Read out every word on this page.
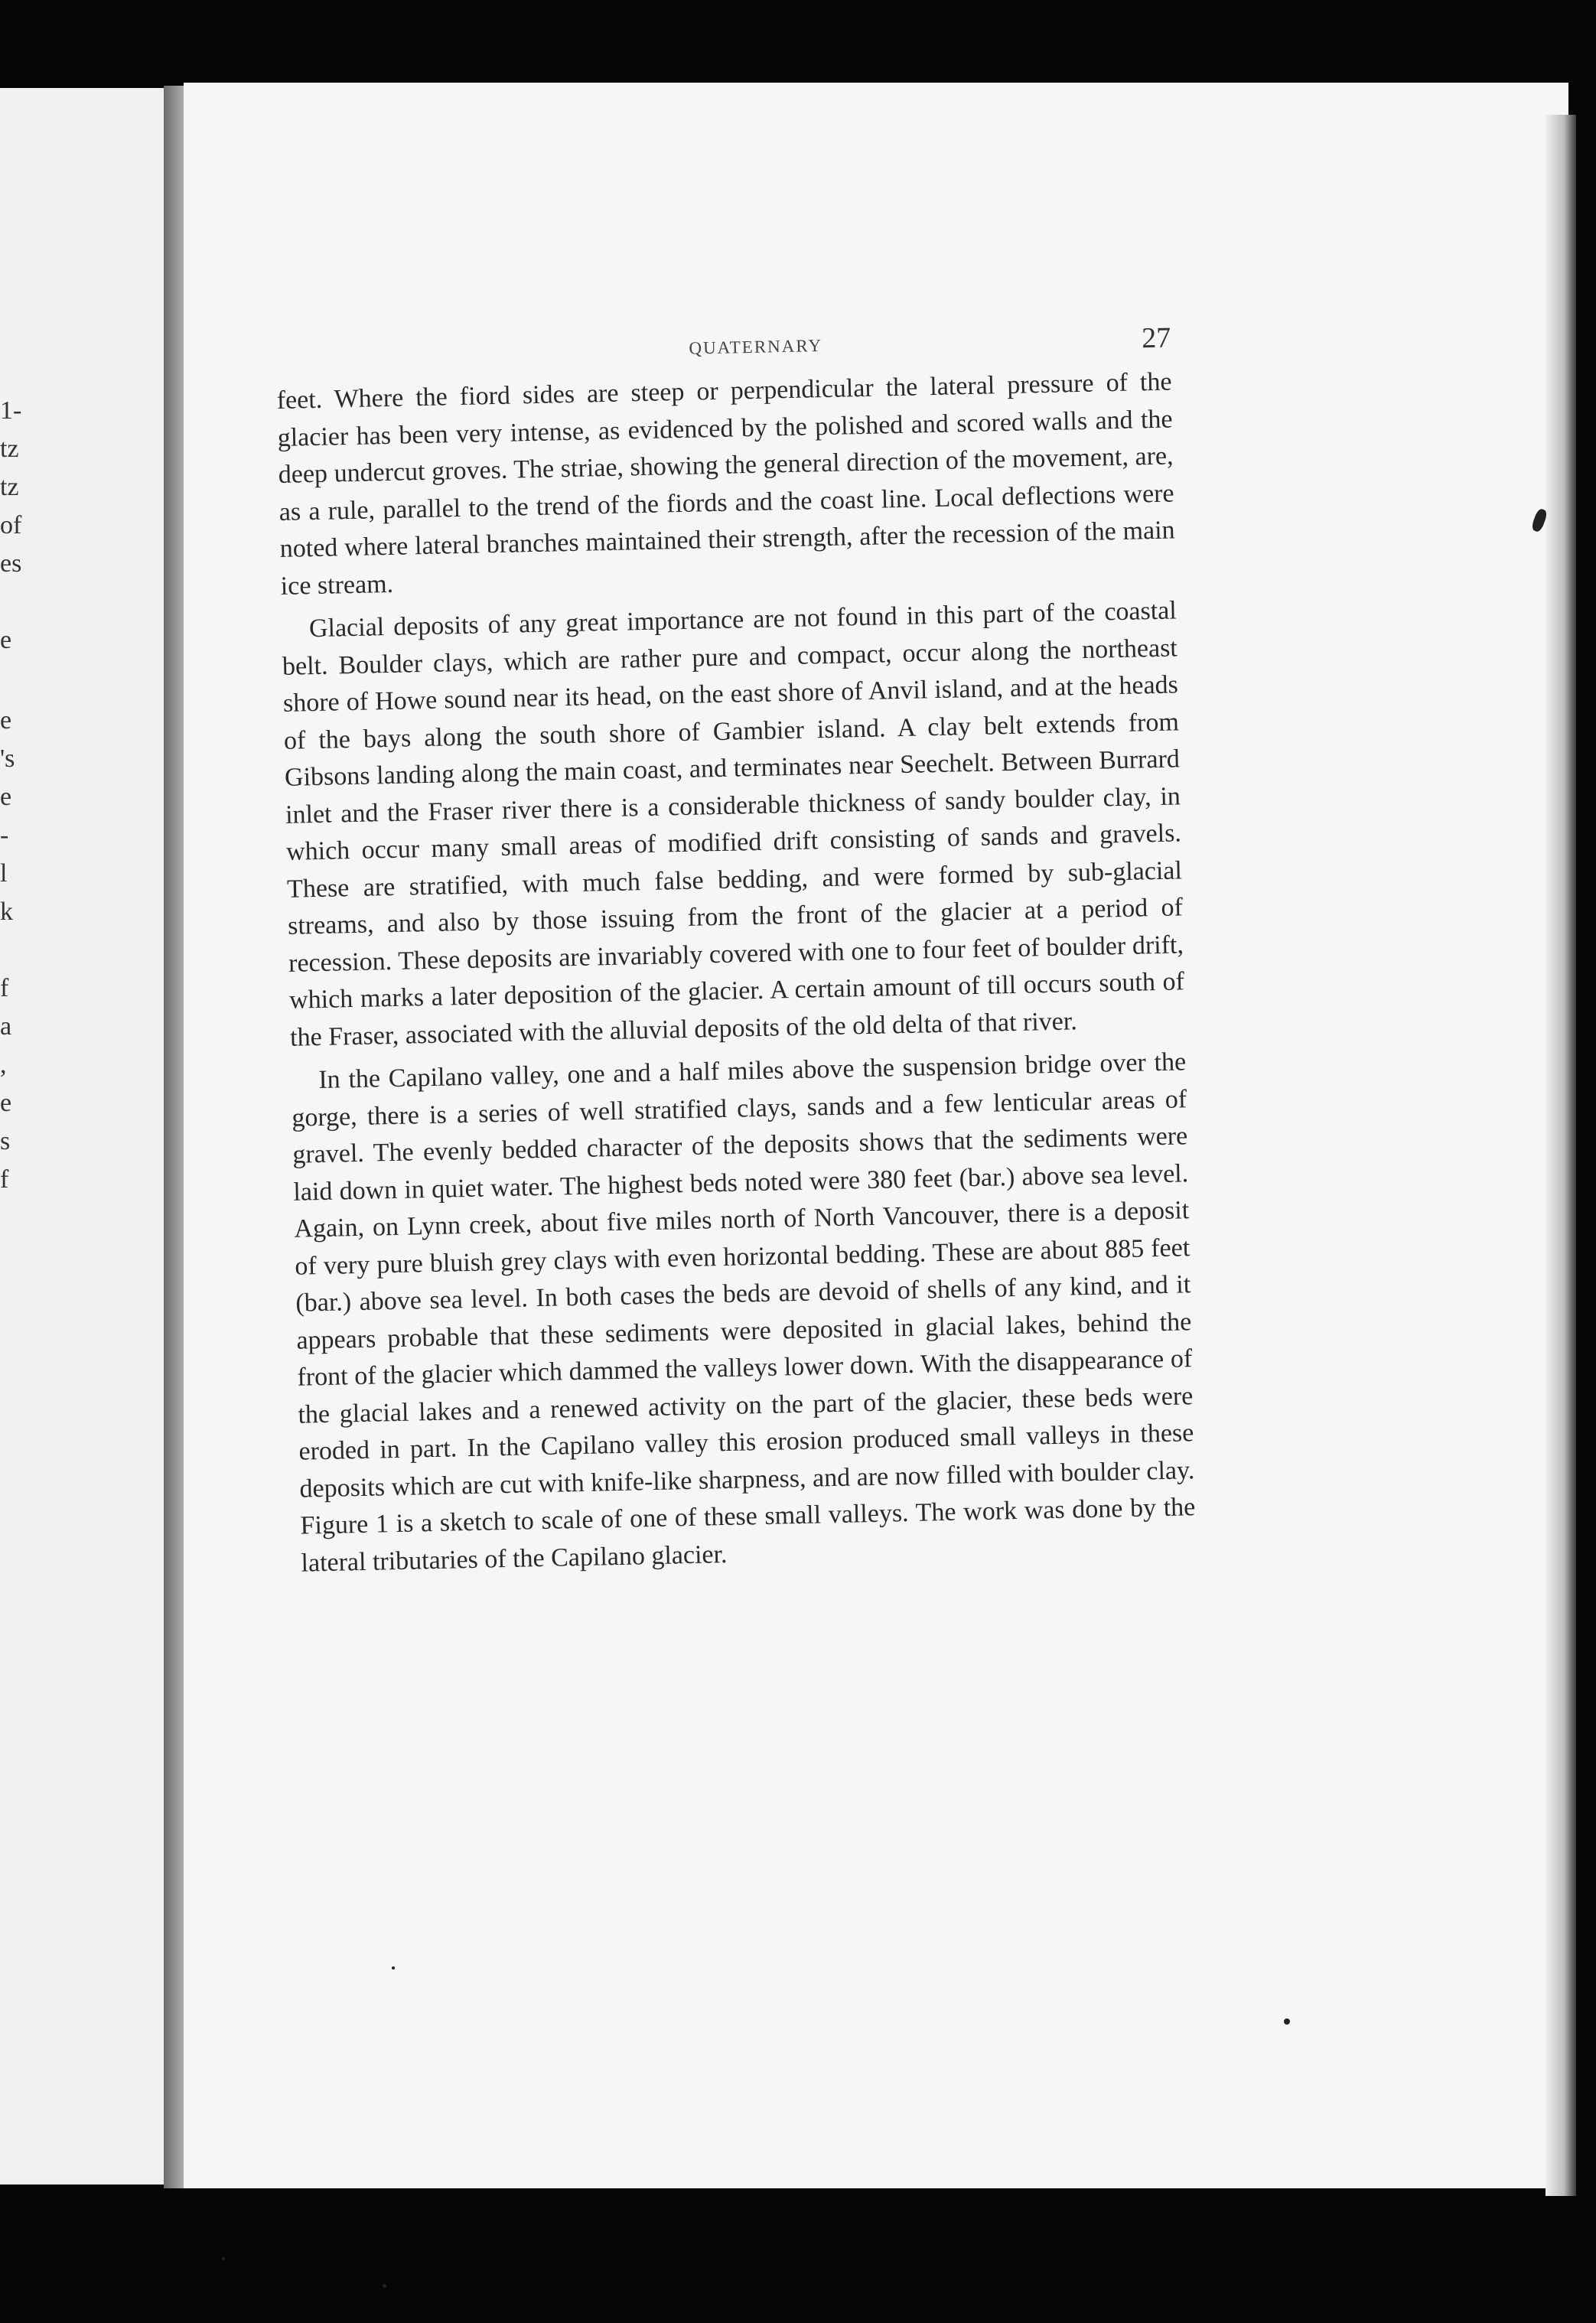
1-
tz
tz
of
es
e
e
's
e
-
l
k
f
a
,
e
s
f
QUATERNARY	27

feet. Where the fiord sides are steep or perpendicular the lateral pressure of the glacier has been very intense, as evidenced by the polished and scored walls and the deep undercut groves. The striae, showing the general direction of the movement, are, as a rule, parallel to the trend of the fiords and the coast line. Local deflections were noted where lateral branches maintained their strength, after the recession of the main ice stream.

Glacial deposits of any great importance are not found in this part of the coastal belt. Boulder clays, which are rather pure and compact, occur along the northeast shore of Howe sound near its head, on the east shore of Anvil island, and at the heads of the bays along the south shore of Gambier island. A clay belt extends from Gibsons landing along the main coast, and terminates near Seechelt. Between Burrard inlet and the Fraser river there is a considerable thickness of sandy boulder clay, in which occur many small areas of modified drift consisting of sands and gravels. These are stratified, with much false bedding, and were formed by sub-glacial streams, and also by those issuing from the front of the glacier at a period of recession. These deposits are invariably covered with one to four feet of boulder drift, which marks a later deposition of the glacier. A certain amount of till occurs south of the Fraser, associated with the alluvial deposits of the old delta of that river.

In the Capilano valley, one and a half miles above the suspension bridge over the gorge, there is a series of well stratified clays, sands and a few lenticular areas of gravel. The evenly bedded character of the deposits shows that the sediments were laid down in quiet water. The highest beds noted were 380 feet (bar.) above sea level. Again, on Lynn creek, about five miles north of North Vancouver, there is a deposit of very pure bluish grey clays with even horizontal bedding. These are about 885 feet (bar.) above sea level. In both cases the beds are devoid of shells of any kind, and it appears probable that these sediments were deposited in glacial lakes, behind the front of the glacier which dammed the valleys lower down. With the disappearance of the glacial lakes and a renewed activity on the part of the glacier, these beds were eroded in part. In the Capilano valley this erosion produced small valleys in these deposits which are cut with knife-like sharpness, and are now filled with boulder clay. Figure 1 is a sketch to scale of one of these small valleys. The work was done by the lateral tributaries of the Capilano glacier.
